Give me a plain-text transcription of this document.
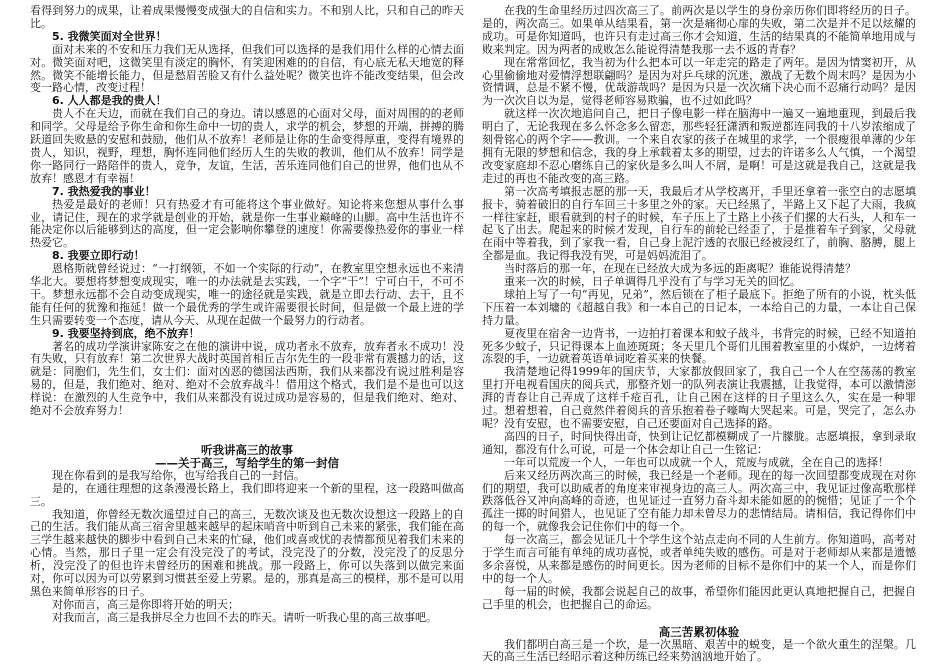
看得到努力的成果，让着成果慢慢变成强大的自信和实力。不和别人比，只和自己的昨天比。

5. 我微笑面对全世界！

面对未来的不安和压力我们无从选择，但我们可以选择的是我们用什么样的心情去面对。微笑面对吧，这微笑里有淡定的胸怀，有笑迎困难的的自信，有心底无私天地宽的释然。微笑不能增长能力，但是愁眉苦脸又有什么益处呢？微笑也许不能改变结果，但会改变一路心情，改变过程！

6. 人人都是我的贵人！

贵人不在天边，而就在我们自己的身边。请以感恩的心面对父母，面对周围的的老师和同学。父母是给予你生命和你生命中一切的贵人，求学的机会，梦想的开端，拼搏的腾跃道回失败悬的安慰和鼓励，他们从不放弃！老师是让你的生命变得厚重，变得有境界的贵人，知识，视野，理想，胸怀连同他们经历人生的失败的教训，他们从不放弃！同学是你一路同行一路陪伴的贵人，竞争，友谊，生活，苦乐连同他们自己的世界，他们也从不放弃！感恩才有幸福！

7. 我热爱我的事业！

热爱是最好的老师！只有热爱才有可能将这个事业做好。知论将来您想从事什么事业，请记住，现在的求学就是创业的开始，就是你一生事业巅峰的山脚。高中生活也许不能决定你以后能够到达的高度，但一定会影响你攀登的速度！你需要像热爱你的事业一样热爱它。

8. 我要立即行动！

恩格斯就曾经说过：“一打纲领，不如一个实际的行动”，在教室里空想永远也不来清华北大。要想将梦想变成现实，唯一的办法就是去实践，一个字“干”！宁可白干，不可不干。梦想永远都不会自动变成现实，唯一的途径就是实践，就是立即去行动、去干，且不能有任何的犹豫和拖延！做一个最优秀的学生或许需要很长时间，但是做一个最上进的学生只需要转变一个态度，请从今天、从现在起做一个最努力的行动者。

9. 我要坚持到底，绝不放弃！

著名的成功学演讲家陈安之在他的演讲中说，成功者永不放弃，放弃者永不成功！没有失败，只有放弃！第二次世界大战时英国首相丘吉尔先生的一段非常有震撼力的话，这就是：同胞们，先生们，女士们：面对凶恶的德国法西斯，我们从来都没有说过胜利是容易的，但是，我们绝对、绝对、绝对不会放弃战斗！借用这个格式，我们是不是也可以这样说：在激烈的人生竞争中，我们从来都没有说过成功是容易的，但是我们绝对、绝对、绝对不会放弃努力！

听我讲高三的故事
——关于高三，写给学生的第一封信

现在你看到的是我写给你，也写给我自己的一封信。

是的，在通往理想的这条漫漫长路上，我们即将迎来一个新的里程，这一段路叫做高三。

我知道，你曾经无数次遥望过自己的高三，无数次谈及也无数次设想这一段路上的自己的生活。我们能从高三宿舍里越来越早的起床哨音中听到自己未来的紧张，我们能在高三学生越来越快的脚步中看到自己未来的忙碌，他们或喜或忧的表情都预见着我们未来的心情。当然，那日子里一定会有没完没了的考试，没完没了的分数，没完没了的反思分析，没完没了的但也许未曾经历的困难和挑战。那一段路上，你可以失落到以做完来面对，你可以因为可以劳累到习惯甚至爱上劳累。是的，那真是高三的模样，那不是可以用黑色来简单形容的日子。

对你而言，高三是你即将开始的明天；

对我而言，高三是我拼尽全力也回不去的昨天。请听一听我心里的高三故事吧。

在我的生命里经历过四次高三了。前两次是以学生的身份亲历你们即将经历的日子。是的，两次高三。如果单从结果看，第一次是痛彻心扉的失败，第二次是并不足以炫耀的成功。可是你知道吗，也许只有走过高三你才会知道，生活的结果真的不能简单地用成与败来判定。因为两者的成败怎么能说得清楚我那一去不返的青春？

现在常常回忆，我当初为什么把本可以一年走完的路走了两年。是因为情窦初开，从心里偷偷地对爱情浮想联翩吗？是因为对乒乓球的沉迷，激战了无数个周末吗？是因为小资情调，总是不紧不慢，优哉游哉吗？是因为只是一次次痛下决心而不忍痛行动吗？是因为一次次自以为是，觉得老师容易欺骗，也不过如此吗？

就这样一次次地追问自己，把日子像电影一样在脑海中一遍又一遍地重现，到最后我明白了，无论我现在多么怀念多么留恋，那些轻狂潇洒和叛逆都连同我的十八岁浓缩成了刻骨铭心的两个字——教训。一个来自农家的孩子在城里的求学，一个很瘦很单薄的少年拥有无限的梦想和信念，我的身上承载着太多的期望，过去的许诺多么人气慎，一个渴望改变家庭却不忍心磨练自己的家伙是多么叫人不屑，是啊！可是这就是我自己，这就是我走过的再也不能改变的高三路。

第一次高考填报志愿的那一天，我最后才从学校离开，手里还拿着一张空白的志愿填报卡，骑着破旧的自行车回三十多里之外的家。天已经黑了，半路上又下起了大雨，我疯一样往家赶，眼看就到的村子的时候，车子压上了土路上小孩子们摞的大石头，人和车一起飞了出去。爬起来的时候才发现，自行车的前轮已经歪了，于是推着车子到家，父母就在雨中等着我，到了家我一看，自己身上泥泞透的衣服已经被浸红了，前胸、胳膊，腿上全都是血。我记得我没有哭，可是妈妈流泪了。

当时落后的那一年，在现在已经放大成为多远的距离呢？谁能说得清楚？

重来一次的时候，日子单调得几乎没有了与学习无关的回忆。

球拍上写了一句“再见，兄弟”，然后锁在了柜子最底下。拒绝了所有的小说，枕头低下压着一本刘墉的《超越自我》和一本自己的日记本，一本给自己的力量，一本让自己保持力量。

夏夜里在宿舍一边背书，一边拍打着课本和蚊子战斗，书背完的时候，已经不知道拍死多少蚊子，只记得课本上血迹斑斑；冬天里几个哥们儿围着教室里的小煤炉，一边烤着冻裂的手，一边就着英语单词吃着买来的快餐。

我清楚地记得1999年的国庆节，大家都放假回家了，我自己一个人在空荡荡的教室里打开电视看国庆的阅兵式，那整齐划一的队列表演让我震撼，让我觉得，本可以激情澎湃的青春让自己弄成了这样千疮百孔，让自己困在这样的日子里这么久，实在是一种罪过。想着想着，自己竟然伴着阅兵的音乐抱着卷子嚎啕大哭起来。可是，哭完了，怎么办呢？没有安慰，也不需要安慰，自己还要面对自己选择的路。

高四的日子，时间快得出奇，快到让记忆都模糊成了一片朦胧。志愿填报，拿到录取通知，都没有什么可说，可是一个体会却让自己一生铭记：

一年可以荒废一个人，一年也可以成就一个人，荒废与成就，全在自己的选择！

后来又经历两次高三的时候，我已经是一个老师。现在的每一次回望都变成现在对你们的期望，我可以助威者的角度来审视身边的高三人。两次高三中，我见证过像高歌那样跌落低谷又冲向高峰的奇迹，也见证过一直努力奋斗却未能如愿的的惋惜；见证了一个个孤注一掷的时间猎人，也见证了空有能力却未曾尽力的悲情结局。请相信，我记得你们中的每一个，就像我会记住你们中的每一个。

每一次高三，都会见证几十个学生这个站点走向不同的人生前方。你知道吗，高考对于学生而言可能有单纯的成功喜悦，或者单纯失败的感伤。可是对于老师却从来都是遗憾多余喜悦，从来都是感伤的时间更长。因为老师的目标不是你们中的某一个人，而是你们中的每一个人。

每一届的时候，我都会说起自己的故事，希望你们能因此更认真地把握自己，把握自己手里的机会，也把握自己的命运。

高三苦累初体验

我们都明白高三是一个坎，是一次黑暗、艰苦中的蜕变，是一个欲火重生的涅槃。几天的高三生活已经昭示着这种历练已经来势汹汹地开始了。
